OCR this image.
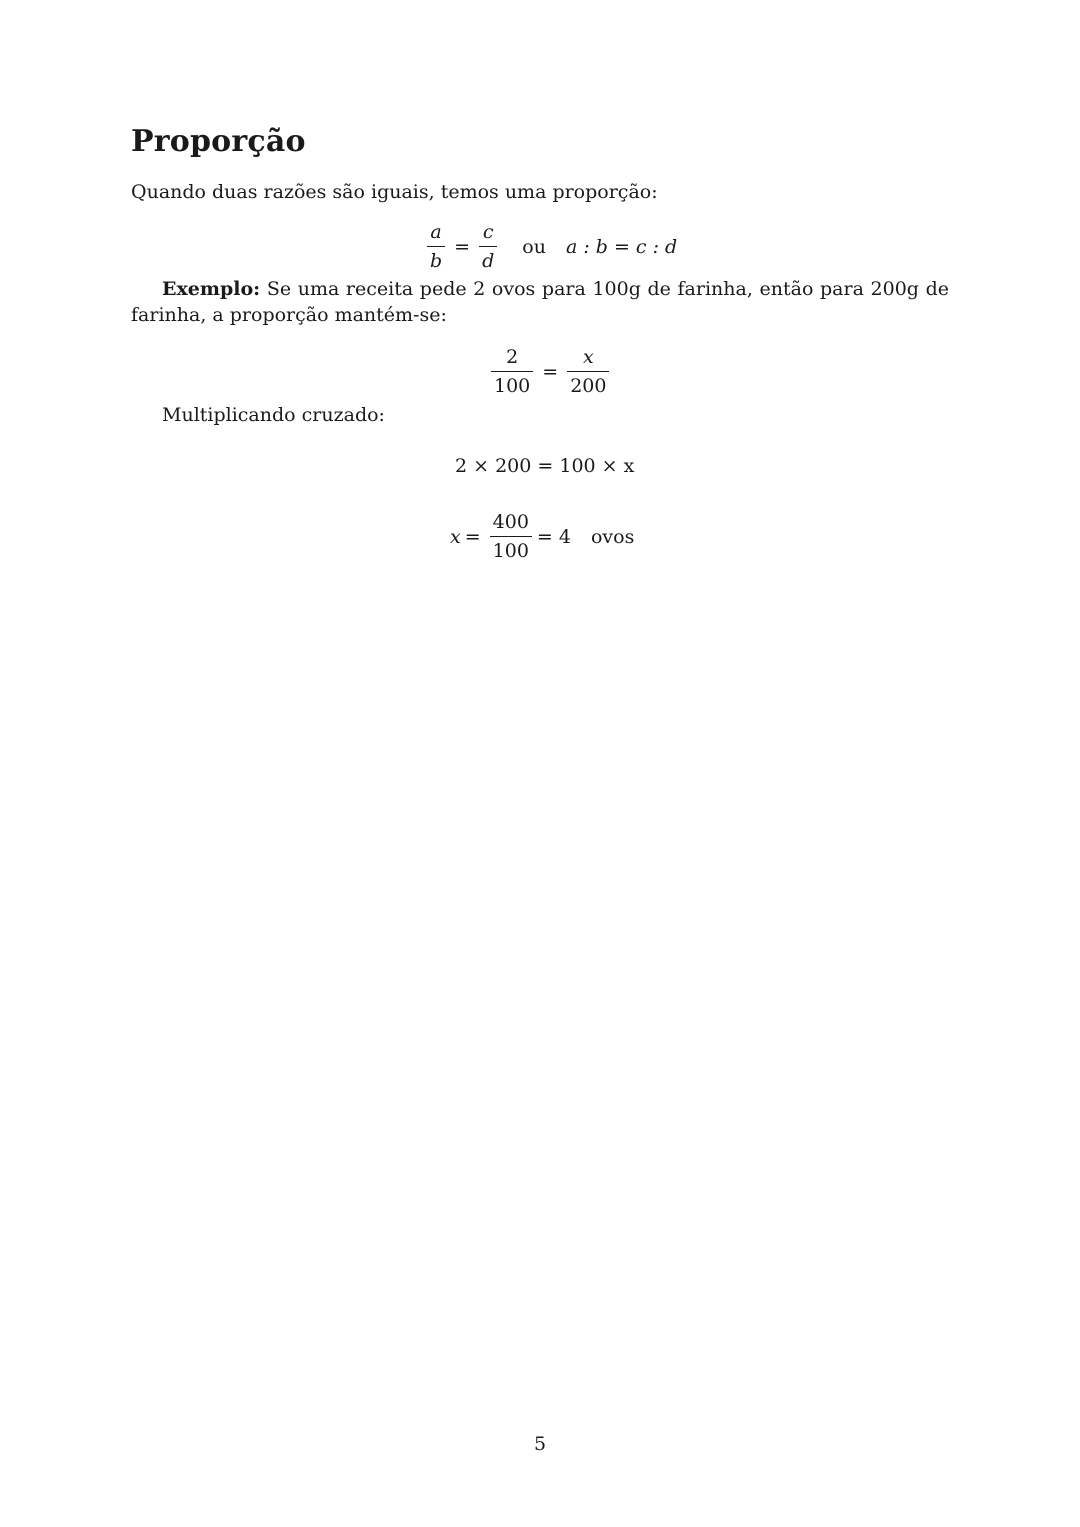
Proporção

Quando duas razões são iguais, temos uma proporção:

$\frac{a}{b} = \frac{c}{d}$ ou a : b = c : d

Exemplo: Se uma receita pede 2 ovos para 100g de farinha, então para 200g de farinha, a proporção mantém-se:

$\frac{2}{100} = \frac{x}{200}$

Multiplicando cruzado:

2 × 200 = 100 × x
$x = \frac{400}{100} = 4$ ovos
5
